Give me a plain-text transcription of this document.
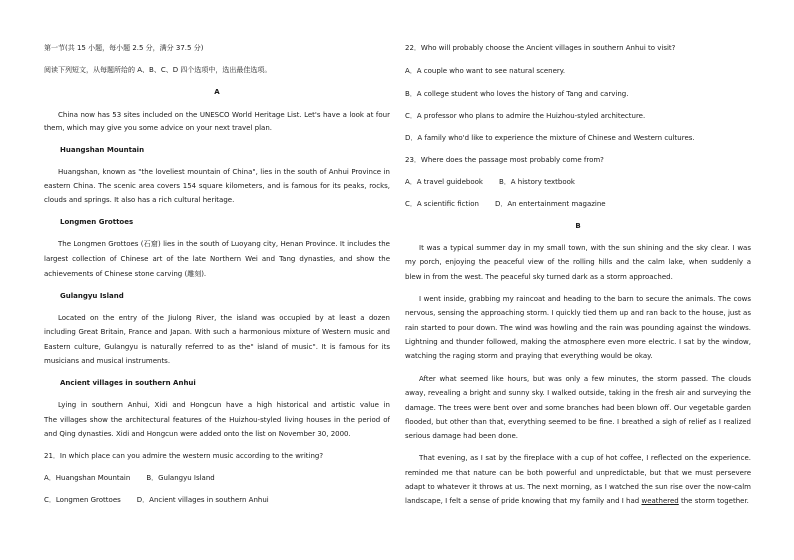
第一节(共 15 小题，每小题 2.5 分，满分 37.5 分)
阅读下列短文，从每题所给的 A、B、C、D 四个选项中，选出最佳选项。
A
China now has 53 sites included on the UNESCO World Heritage List. Let's have a look at four
them, which may give you some advice on your next travel plan.
Huangshan Mountain
Huangshan, known as "the loveliest mountain of China", lies in the south of Anhui Province in
eastern China. The scenic area covers 154 square kilometers, and is famous for its peaks, rocks,
clouds and springs. It also has a rich cultural heritage.
Longmen Grottoes
The Longmen Grottoes (石窟) lies in the south of Luoyang city, Henan Province. It includes the
largest collection of Chinese art of the late Northern Wei and Tang dynasties, and show the
achievements of Chinese stone carving (雕刻).
Gulangyu Island
Located on the entry of the Jiulong River, the island was occupied by at least a dozen
including Great Britain, France and Japan. With such a harmonious mixture of Western music and
Eastern culture, Gulangyu is naturally referred to as the" island of music". It is famous for its
musicians and musical instruments.
Ancient villages in southern Anhui
Lying in southern Anhui, Xidi and Hongcun have a high historical and artistic value in
The villages show the architectural features of the Huizhou-styled living houses in the period of
and Qing dynasties. Xidi and Hongcun were added onto the list on November 30, 2000.
21．In which place can you admire the western music according to the writing?
A．Huangshan Mountain B．Gulangyu Island
C．Longmen Grottoes D．Ancient villages in southern Anhui
22．Who will probably choose the Ancient villages in southern Anhui to visit?
A．A couple who want to see natural scenery.
B．A college student who loves the history of Tang and carving.
C．A professor who plans to admire the Huizhou-styled architecture.
D．A family who'd like to experience the mixture of Chinese and Western cultures.
23．Where does the passage most probably come from?
A．A travel guidebook B．A history textbook
C．A scientific fiction D．An entertainment magazine
B
It was a typical summer day in my small town, with the sun shining and the sky clear. I was
my porch, enjoying the peaceful view of the rolling hills and the calm lake, when suddenly a
blew in from the west. The peaceful sky turned dark as a storm approached.
I went inside, grabbing my raincoat and heading to the barn to secure the animals. The cows
nervous, sensing the approaching storm. I quickly tied them up and ran back to the house, just as
rain started to pour down. The wind was howling and the rain was pounding against the windows.
Lightning and thunder followed, making the atmosphere even more electric. I sat by the window,
watching the raging storm and praying that everything would be okay.
After what seemed like hours, but was only a few minutes, the storm passed. The clouds
away, revealing a bright and sunny sky. I walked outside, taking in the fresh air and surveying the
damage. The trees were bent over and some branches had been blown off. Our vegetable garden
flooded, but other than that, everything seemed to be fine. I breathed a sigh of relief as I realized
serious damage had been done.
That evening, as I sat by the fireplace with a cup of hot coffee, I reflected on the experience.
reminded me that nature can be both powerful and unpredictable, but that we must persevere
adapt to whatever it throws at us. The next morning, as I watched the sun rise over the now-calm
landscape, I felt a sense of pride knowing that my family and I had weathered the storm together.
